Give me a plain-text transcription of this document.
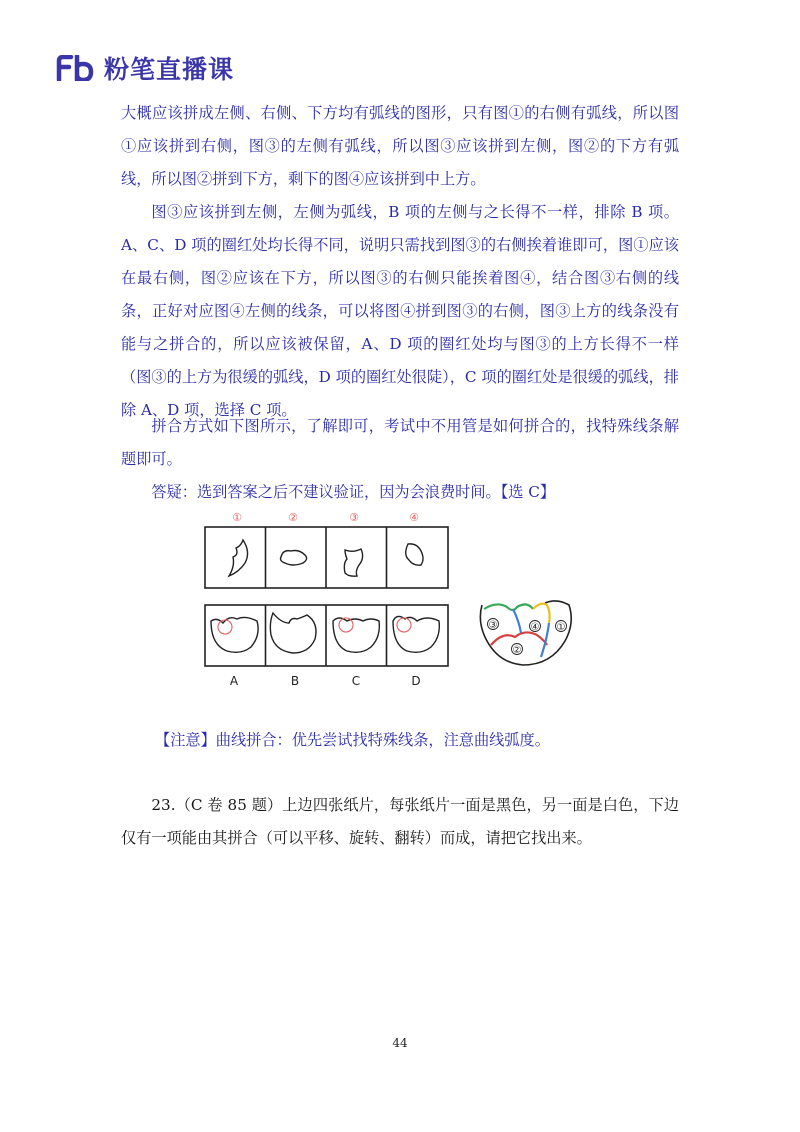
粉笔直播课

大概应该拼成左侧、右侧、下方均有弧线的图形，只有图①的右侧有弧线，所以图①应该拼到右侧，图③的左侧有弧线，所以图③应该拼到左侧，图②的下方有弧线，所以图②拼到下方，剩下的图④应该拼到中上方。

图③应该拼到左侧，左侧为弧线，B 项的左侧与之长得不一样，排除 B 项。A、C、D 项的圈红处均长得不同，说明只需找到图③的右侧挨着谁即可，图①应该在最右侧，图②应该在下方，所以图③的右侧只能挨着图④，结合图③右侧的线条，正好对应图④左侧的线条，可以将图④拼到图③的右侧，图③上方的线条没有能与之拼合的，所以应该被保留，A、D 项的圈红处均与图③的上方长得不一样（图③的上方为很缓的弧线，D 项的圈红处很陡），C 项的圈红处是很缓的弧线，排除 A、D 项，选择 C 项。

拼合方式如下图所示，了解即可，考试中不用管是如何拼合的，找特殊线条解题即可。

答疑：选到答案之后不建议验证，因为会浪费时间。【选 C】

①	②	③	④
A	B	C	D
③	④ ①
②

【注意】曲线拼合：优先尝试找特殊线条，注意曲线弧度。

23.（C 卷 85 题）上边四张纸片，每张纸片一面是黑色，另一面是白色，下边仅有一项能由其拼合（可以平移、旋转、翻转）而成，请把它找出来。

44
